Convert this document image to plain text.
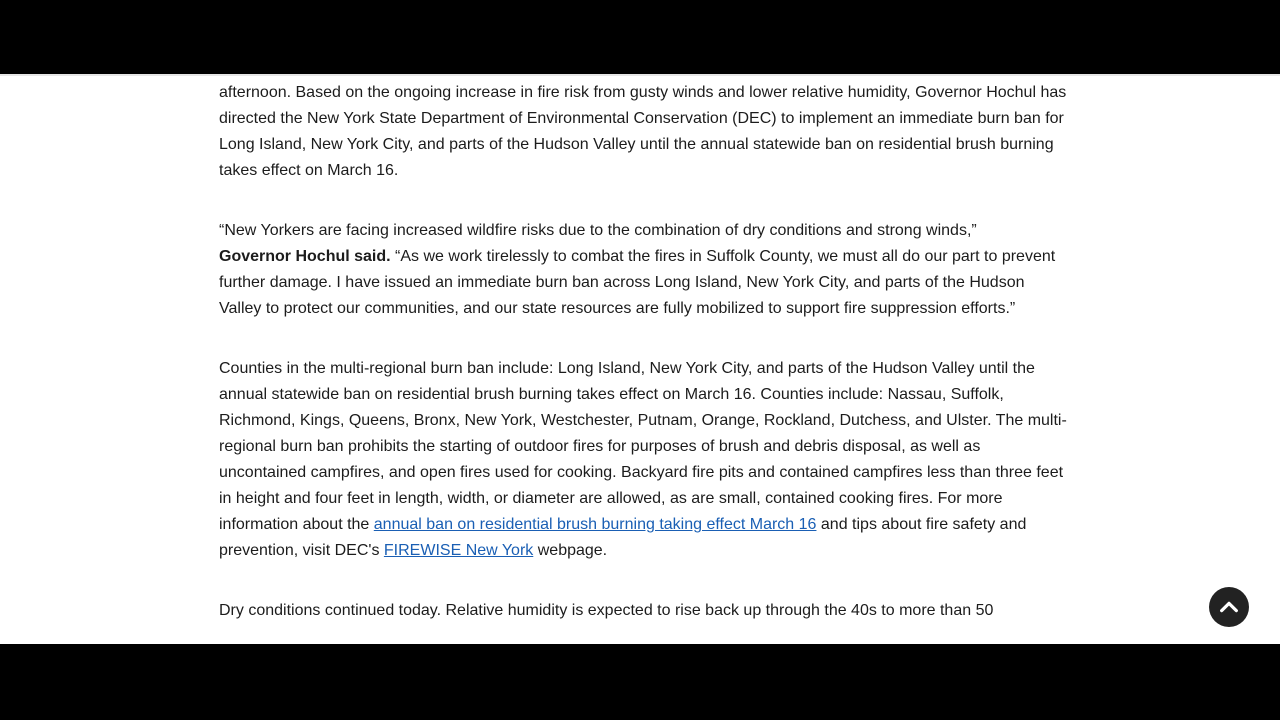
afternoon. Based on the ongoing increase in fire risk from gusty winds and lower relative humidity, Governor Hochul has directed the New York State Department of Environmental Conservation (DEC) to implement an immediate burn ban for Long Island, New York City, and parts of the Hudson Valley until the annual statewide ban on residential brush burning takes effect on March 16.

“New Yorkers are facing increased wildfire risks due to the combination of dry conditions and strong winds,”
Governor Hochul said. “As we work tirelessly to combat the fires in Suffolk County, we must all do our part to prevent further damage. I have issued an immediate burn ban across Long Island, New York City, and parts of the Hudson Valley to protect our communities, and our state resources are fully mobilized to support fire suppression efforts.”

Counties in the multi-regional burn ban include: Long Island, New York City, and parts of the Hudson Valley until the annual statewide ban on residential brush burning takes effect on March 16. Counties include: Nassau, Suffolk, Richmond, Kings, Queens, Bronx, New York, Westchester, Putnam, Orange, Rockland, Dutchess, and Ulster. The multi-regional burn ban prohibits the starting of outdoor fires for purposes of brush and debris disposal, as well as uncontained campfires, and open fires used for cooking. Backyard fire pits and contained campfires less than three feet in height and four feet in length, width, or diameter are allowed, as are small, contained cooking fires. For more information about the annual ban on residential brush burning taking effect March 16 and tips about fire safety and prevention, visit DEC's FIREWISE New York webpage.

Dry conditions continued today. Relative humidity is expected to rise back up through the 40s to more than 50
